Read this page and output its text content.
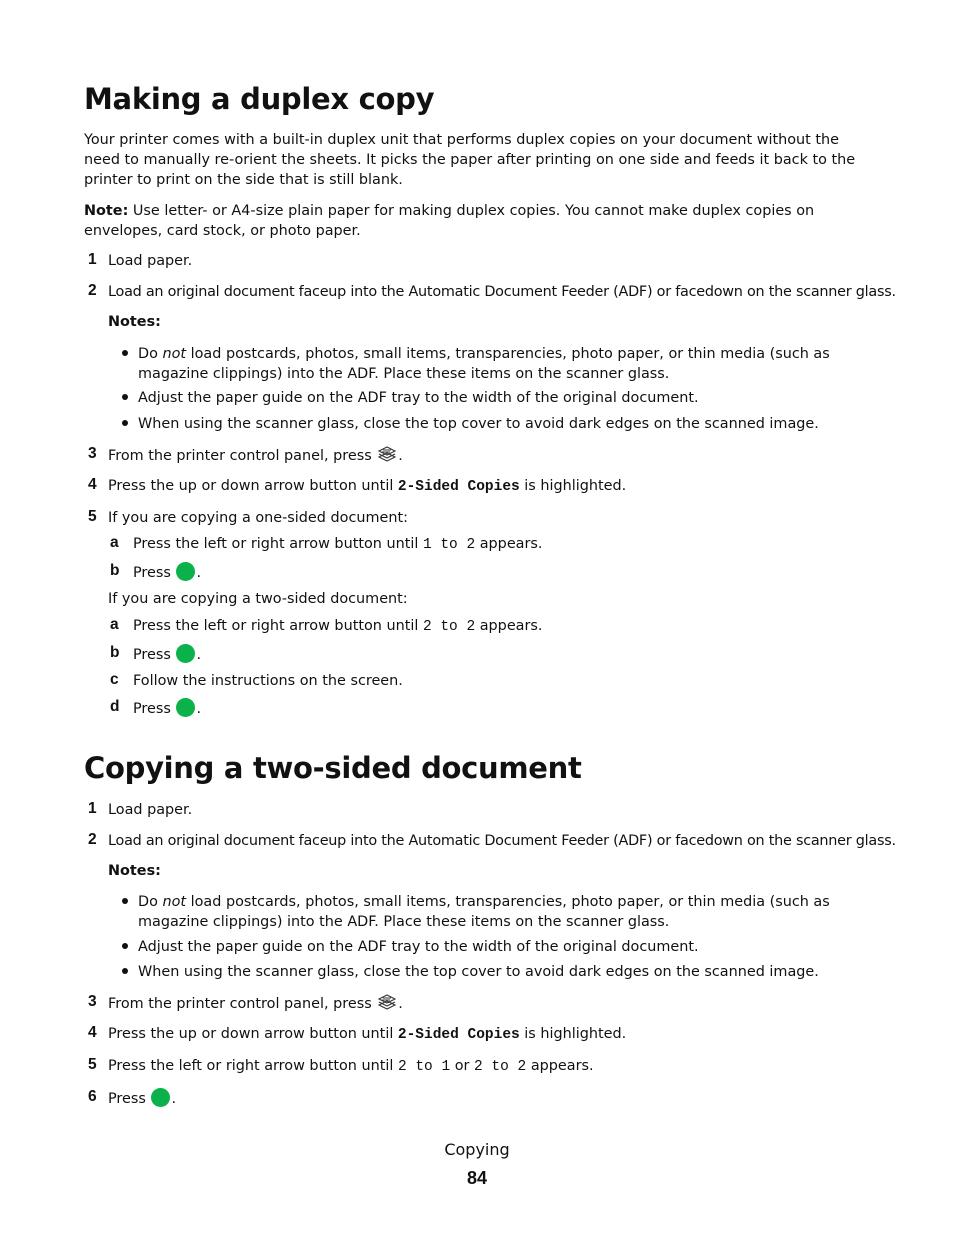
Making a duplex copy
Your printer comes with a built-in duplex unit that performs duplex copies on your document without the need to manually re-orient the sheets. It picks the paper after printing on one side and feeds it back to the printer to print on the side that is still blank.
Note: Use letter- or A4-size plain paper for making duplex copies. You cannot make duplex copies on envelopes, card stock, or photo paper.
1 Load paper.
2 Load an original document faceup into the Automatic Document Feeder (ADF) or facedown on the scanner glass.
Notes:
Do not load postcards, photos, small items, transparencies, photo paper, or thin media (such as magazine clippings) into the ADF. Place these items on the scanner glass.
Adjust the paper guide on the ADF tray to the width of the original document.
When using the scanner glass, close the top cover to avoid dark edges on the scanned image.
3 From the printer control panel, press .
4 Press the up or down arrow button until 2-Sided Copies is highlighted.
5 If you are copying a one-sided document:
a Press the left or right arrow button until 1 to 2 appears.
b Press .
If you are copying a two-sided document:
a Press the left or right arrow button until 2 to 2 appears.
b Press .
c Follow the instructions on the screen.
d Press .
Copying a two-sided document
1 Load paper.
2 Load an original document faceup into the Automatic Document Feeder (ADF) or facedown on the scanner glass.
Notes:
Do not load postcards, photos, small items, transparencies, photo paper, or thin media (such as magazine clippings) into the ADF. Place these items on the scanner glass.
Adjust the paper guide on the ADF tray to the width of the original document.
When using the scanner glass, close the top cover to avoid dark edges on the scanned image.
3 From the printer control panel, press .
4 Press the up or down arrow button until 2-Sided Copies is highlighted.
5 Press the left or right arrow button until 2 to 1 or 2 to 2 appears.
6 Press .
Copying
84
